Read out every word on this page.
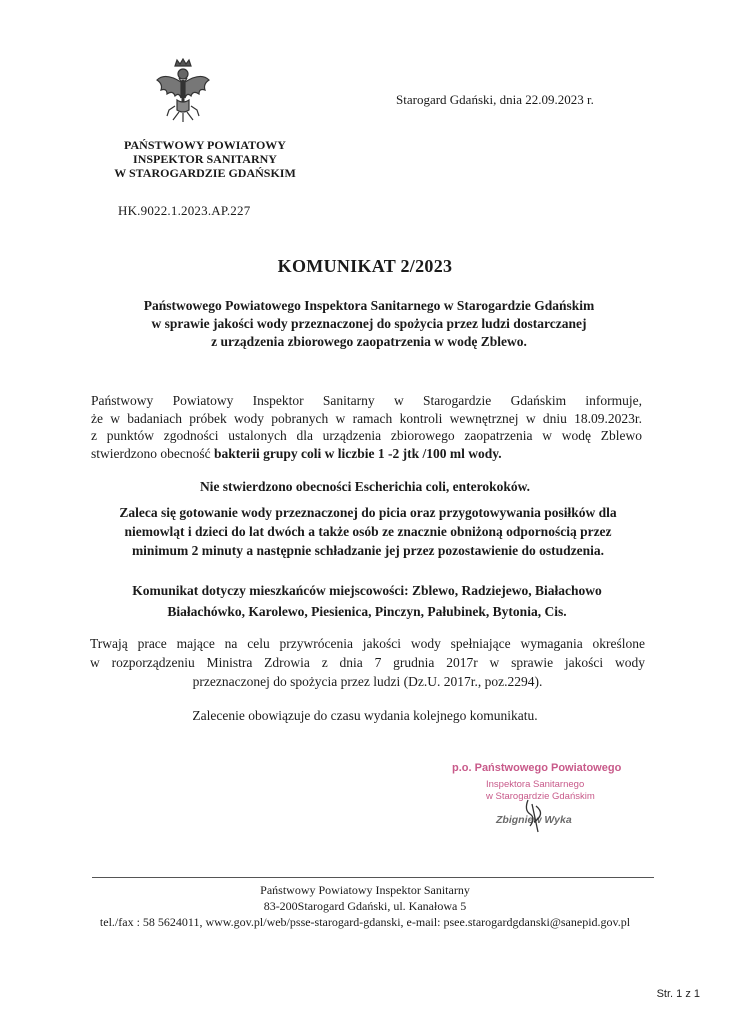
Starogard Gdański, dnia 22.09.2023 r.
PAŃSTWOWY POWIATOWY
INSPEKTOR SANITARNY
W STAROGARDZIE GDAŃSKIM
HK.9022.1.2023.AP.227
KOMUNIKAT 2/2023
Państwowego Powiatowego Inspektora Sanitarnego w Starogardzie Gdańskim
w sprawie jakości wody przeznaczonej do spożycia przez ludzi dostarczanej
z urządzenia zbiorowego zaopatrzenia w wodę Zblewo.
Państwowy Powiatowy Inspektor Sanitarny w Starogardzie Gdańskim informuje,
że w badaniach próbek wody pobranych w ramach kontroli wewnętrznej w dniu 18.09.2023r.
z punktów zgodności ustalonych dla urządzenia zbiorowego zaopatrzenia w wodę Zblewo
stwierdzono obecność bakterii grupy coli w liczbie 1 -2 jtk /100 ml wody.
Nie stwierdzono obecności Escherichia coli, enterokoków.
Zaleca się gotowanie wody przeznaczonej do picia oraz przygotowywania posiłków dla
niemowląt i dzieci do lat dwóch a także osób ze znacznie obniżoną odpornością przez
minimum 2 minuty a następnie schładzanie jej przez pozostawienie do ostudzenia.
Komunikat dotyczy mieszkańców miejscowości: Zblewo, Radziejewo, Białachowo
Białachówko, Karolewo, Piesienica, Pinczyn, Pałubinek, Bytonia, Cis.
Trwają prace mające na celu przywrócenia jakości wody spełniające wymagania określone
w rozporządzeniu Ministra Zdrowia z dnia 7 grudnia 2017r w sprawie jakości wody
przeznaczonej do spożycia przez ludzi (Dz.U. 2017r., poz.2294).
Zalecenie obowiązuje do czasu wydania kolejnego komunikatu.
p.o. Państwowego Powiatowego
Inspektora Sanitarnego
w Starogardzie Gdańskim
Zbigniew Wyka
Państwowy Powiatowy Inspektor Sanitarny
83-200Starogard Gdański, ul. Kanałowa 5
tel./fax : 58 5624011, www.gov.pl/web/psse-starogard-gdanski, e-mail: psee.starogardgdanski@sanepid.gov.pl
Str. 1 z 1
